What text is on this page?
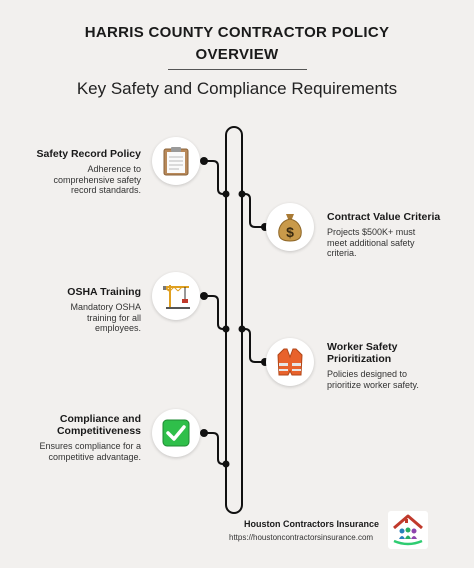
HARRIS COUNTY CONTRACTOR POLICY
OVERVIEW
Key Safety and Compliance Requirements
Safety Record Policy
Adherence to comprehensive safety record standards.
$
Contract Value Criteria
Projects $500K+ must meet additional safety criteria.
OSHA Training
Mandatory OSHA training for all employees.
Worker Safety Prioritization
Policies designed to prioritize worker safety.
Compliance and Competitiveness
Ensures compliance for a competitive advantage.
Houston Contractors Insurance
https://houstoncontractorsinsurance.com
